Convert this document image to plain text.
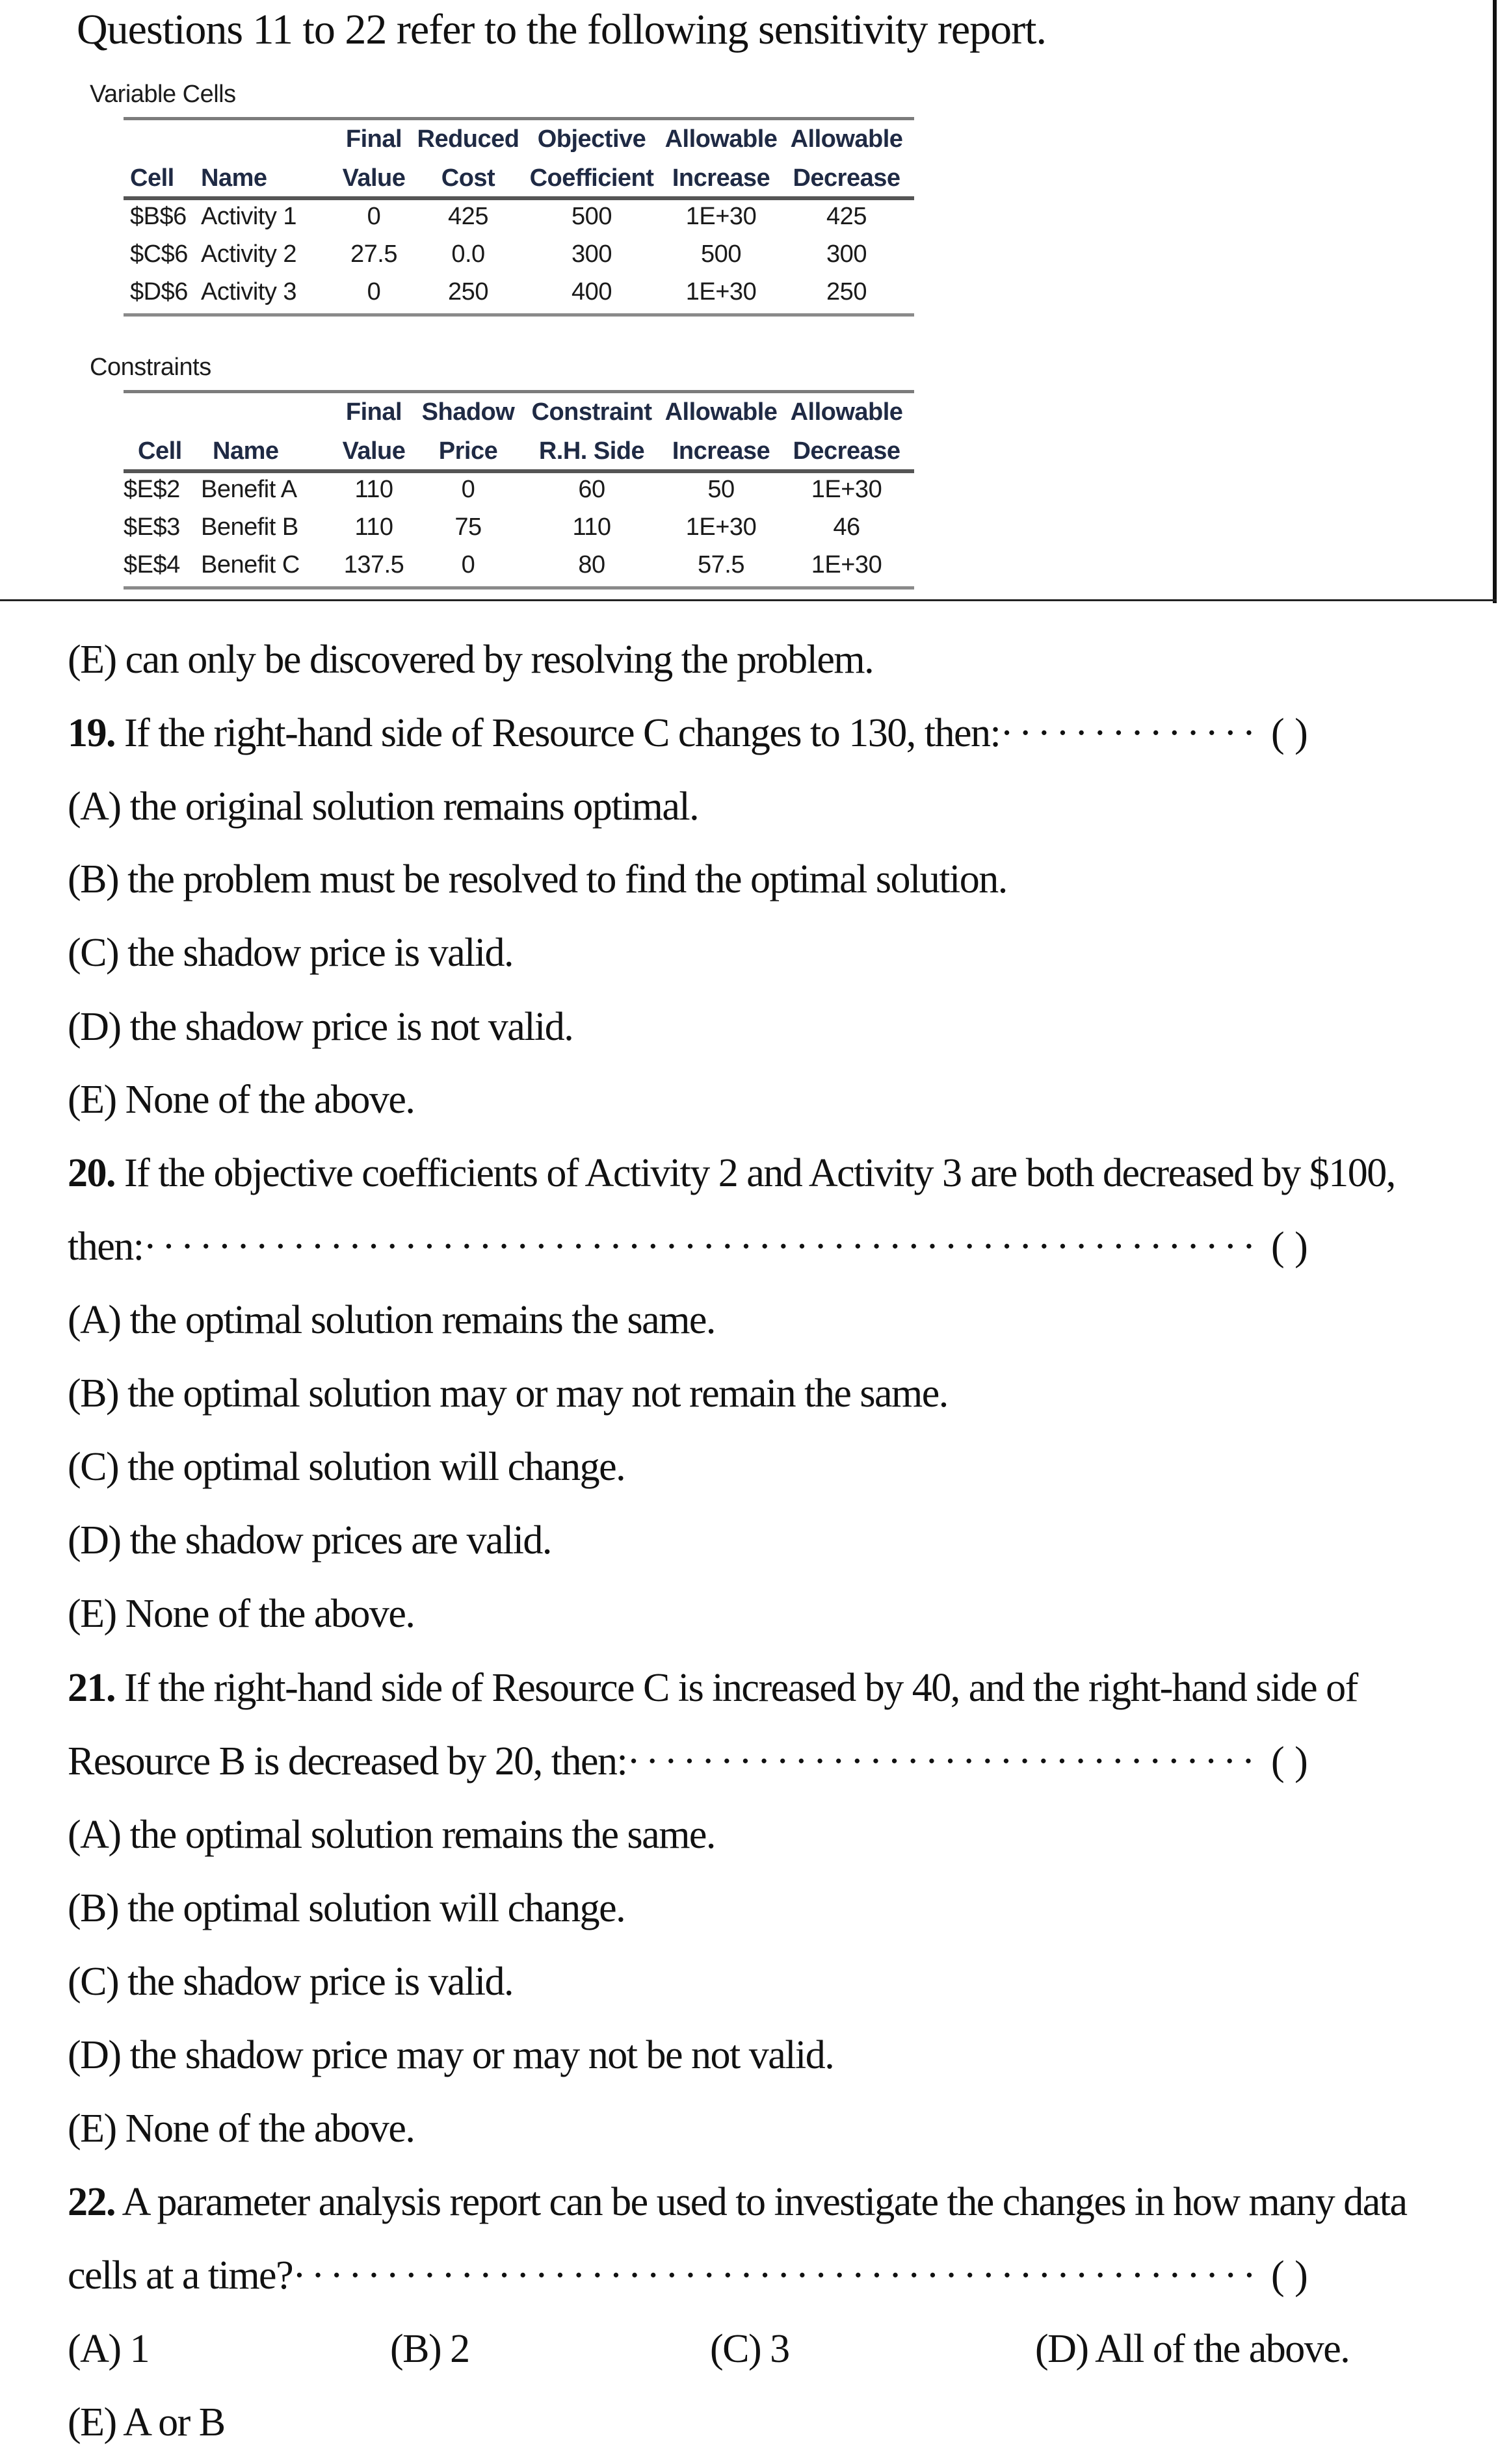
Questions 11 to 22 refer to the following sensitivity report.
Variable Cells
		Final	Reduced	Objective	Allowable	Allowable
Cell	Name	Value	Cost	Coefficient	Increase	Decrease
$B$6	Activity 1	0	425	500	1E+30	425
$C$6	Activity 2	27.5	0.0	300	500	300
$D$6	Activity 3	0	250	400	1E+30	250
Constraints
		Final	Shadow	Constraint	Allowable	Allowable
Cell	Name	Value	Price	R.H. Side	Increase	Decrease
$E$2	Benefit A	110	0	60	50	1E+30
$E$3	Benefit B	110	75	110	1E+30	46
$E$4	Benefit C	137.5	0	80	57.5	1E+30
(E) can only be discovered by resolving the problem.
19. If the right-hand side of Resource C changes to 130, then:·············· ( )
(A) the original solution remains optimal.
(B) the problem must be resolved to find the optimal solution.
(C) the shadow price is valid.
(D) the shadow price is not valid.
(E) None of the above.
20. If the objective coefficients of Activity 2 and Activity 3 are both decreased by $100,
then:···························································· ( )
(A) the optimal solution remains the same.
(B) the optimal solution may or may not remain the same.
(C) the optimal solution will change.
(D) the shadow prices are valid.
(E) None of the above.
21. If the right-hand side of Resource C is increased by 40, and the right-hand side of
Resource B is decreased by 20, then:·································· ( )
(A) the optimal solution remains the same.
(B) the optimal solution will change.
(C) the shadow price is valid.
(D) the shadow price may or may not be not valid.
(E) None of the above.
22. A parameter analysis report can be used to investigate the changes in how many data
cells at a time?···················································· ( )
(A) 1	(B) 2	(C) 3	(D) All of the above.
(E) A or B
